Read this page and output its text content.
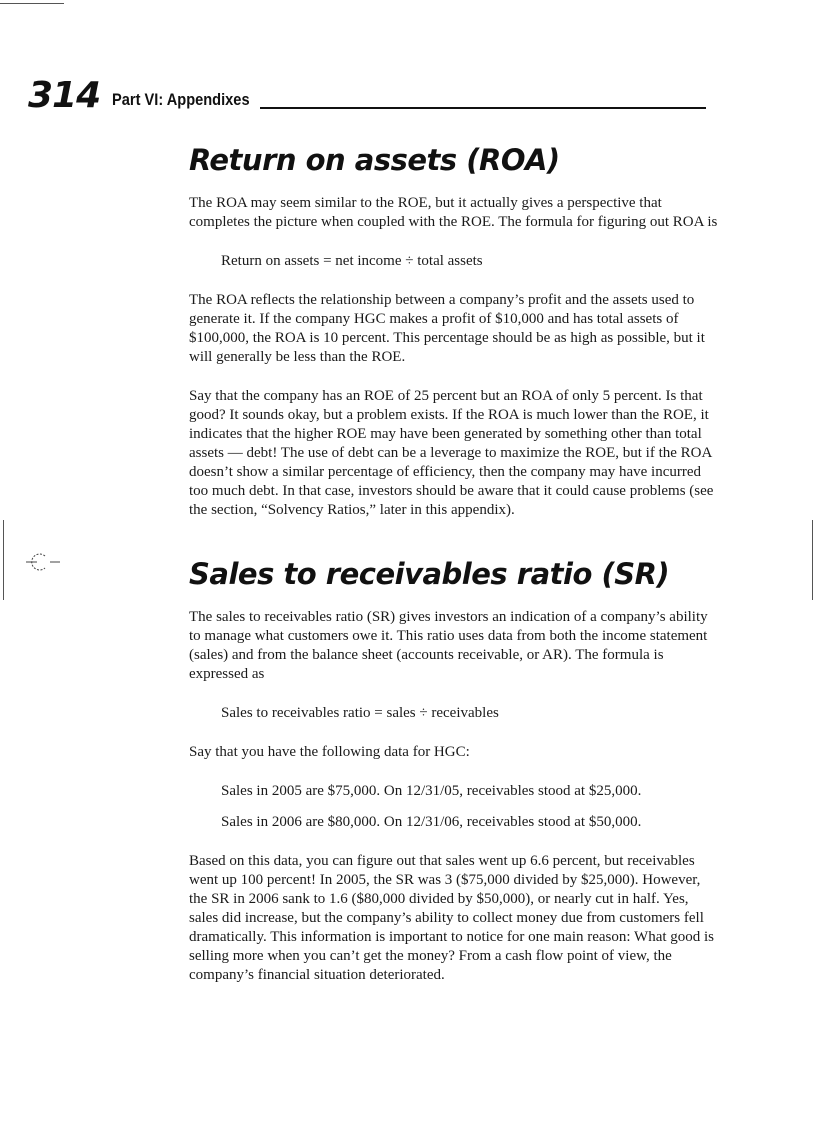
314 Part VI: Appendixes
Return on assets (ROA)

The ROA may seem similar to the ROE, but it actually gives a perspective that completes the picture when coupled with the ROE. The formula for figuring out ROA is

Return on assets = net income ÷ total assets

The ROA reflects the relationship between a company’s profit and the assets used to generate it. If the company HGC makes a profit of $10,000 and has total assets of $100,000, the ROA is 10 percent. This percentage should be as high as possible, but it will generally be less than the ROE.

Say that the company has an ROE of 25 percent but an ROA of only 5 percent. Is that good? It sounds okay, but a problem exists. If the ROA is much lower than the ROE, it indicates that the higher ROE may have been generated by something other than total assets — debt! The use of debt can be a leverage to maximize the ROE, but if the ROA doesn’t show a similar percentage of efficiency, then the company may have incurred too much debt. In that case, investors should be aware that it could cause problems (see the section, “Solvency Ratios,” later in this appendix).

Sales to receivables ratio (SR)

The sales to receivables ratio (SR) gives investors an indication of a company’s ability to manage what customers owe it. This ratio uses data from both the income statement (sales) and from the balance sheet (accounts receivable, or AR). The formula is expressed as

Sales to receivables ratio = sales ÷ receivables

Say that you have the following data for HGC:

Sales in 2005 are $75,000. On 12/31/05, receivables stood at $25,000.

Sales in 2006 are $80,000. On 12/31/06, receivables stood at $50,000.

Based on this data, you can figure out that sales went up 6.6 percent, but receivables went up 100 percent! In 2005, the SR was 3 ($75,000 divided by $25,000). However, the SR in 2006 sank to 1.6 ($80,000 divided by $50,000), or nearly cut in half. Yes, sales did increase, but the company’s ability to collect money due from customers fell dramatically. This information is important to notice for one main reason: What good is selling more when you can’t get the money? From a cash flow point of view, the company’s financial situation deteriorated.
